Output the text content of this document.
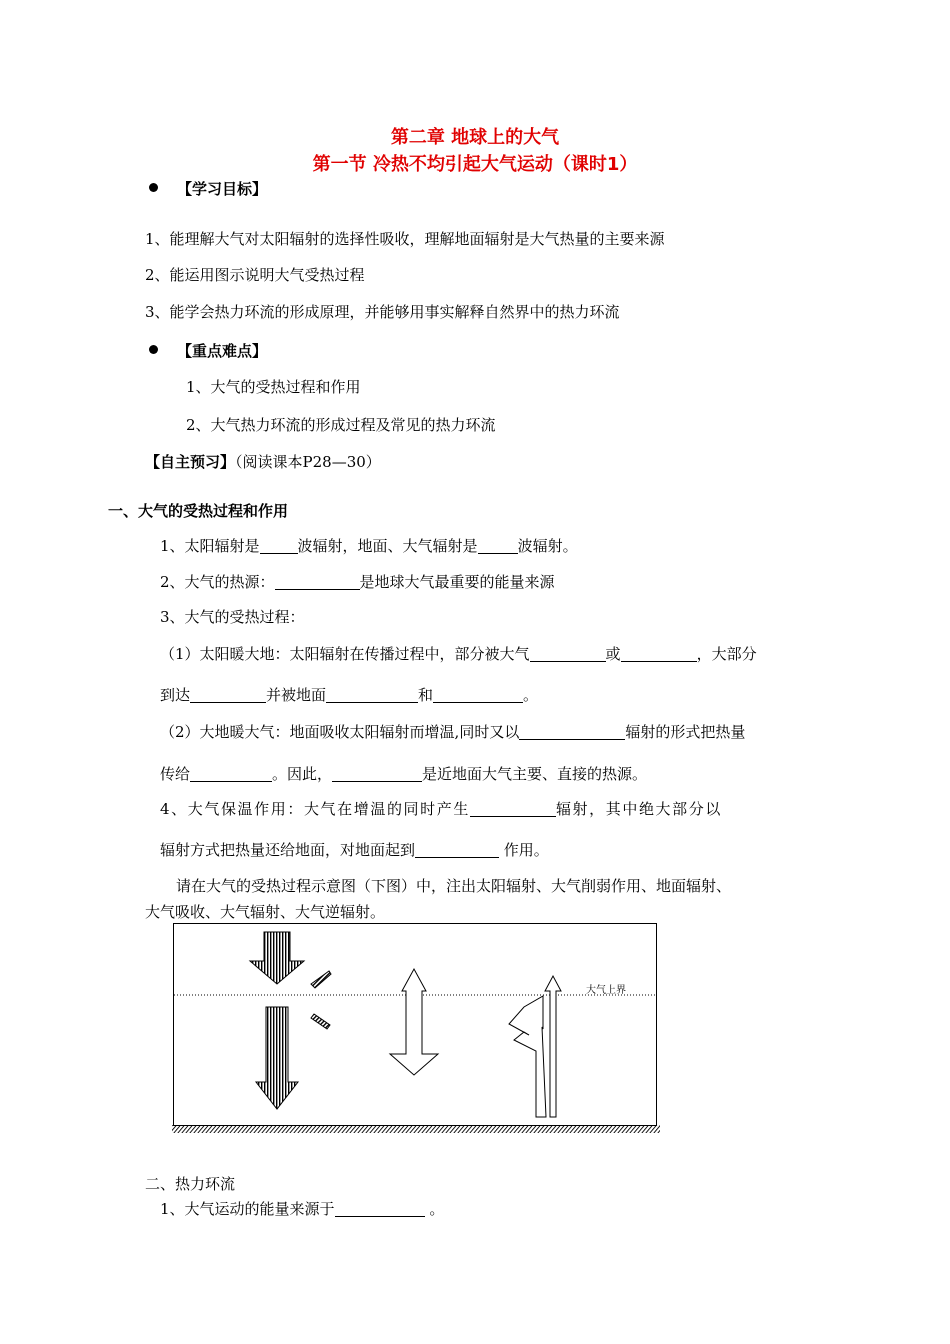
第二章 地球上的大气
第一节 冷热不均引起大气运动（课时1）
【学习目标】
1、能理解大气对太阳辐射的选择性吸收，理解地面辐射是大气热量的主要来源
2、能运用图示说明大气受热过程
3、能学会热力环流的形成原理，并能够用事实解释自然界中的热力环流
【重点难点】
1、大气的受热过程和作用
2、大气热力环流的形成过程及常见的热力环流
【自主预习】（阅读课本P28—30）
一、大气的受热过程和作用
1、太阳辐射是	波辐射，地面、大气辐射是	波辐射。
2、大气的热源：	是地球大气最重要的能量来源
3、大气的受热过程：
（1）太阳暖大地：太阳辐射在传播过程中，部分被大气	或	，大部分
到达	并被地面	和	。
（2）大地暖大气：地面吸收太阳辐射而增温,同时又以	辐射的形式把热量
传给	。因此，	是近地面大气主要、直接的热源。
4、大气保温作用：大气在增温的同时产生	辐射，其中绝大部分以
辐射方式把热量还给地面，对地面起到	作用。
请在大气的受热过程示意图（下图）中，注出太阳辐射、大气削弱作用、地面辐射、
大气吸收、大气辐射、大气逆辐射。
大气上界
二、热力环流
1、大气运动的能量来源于	。
